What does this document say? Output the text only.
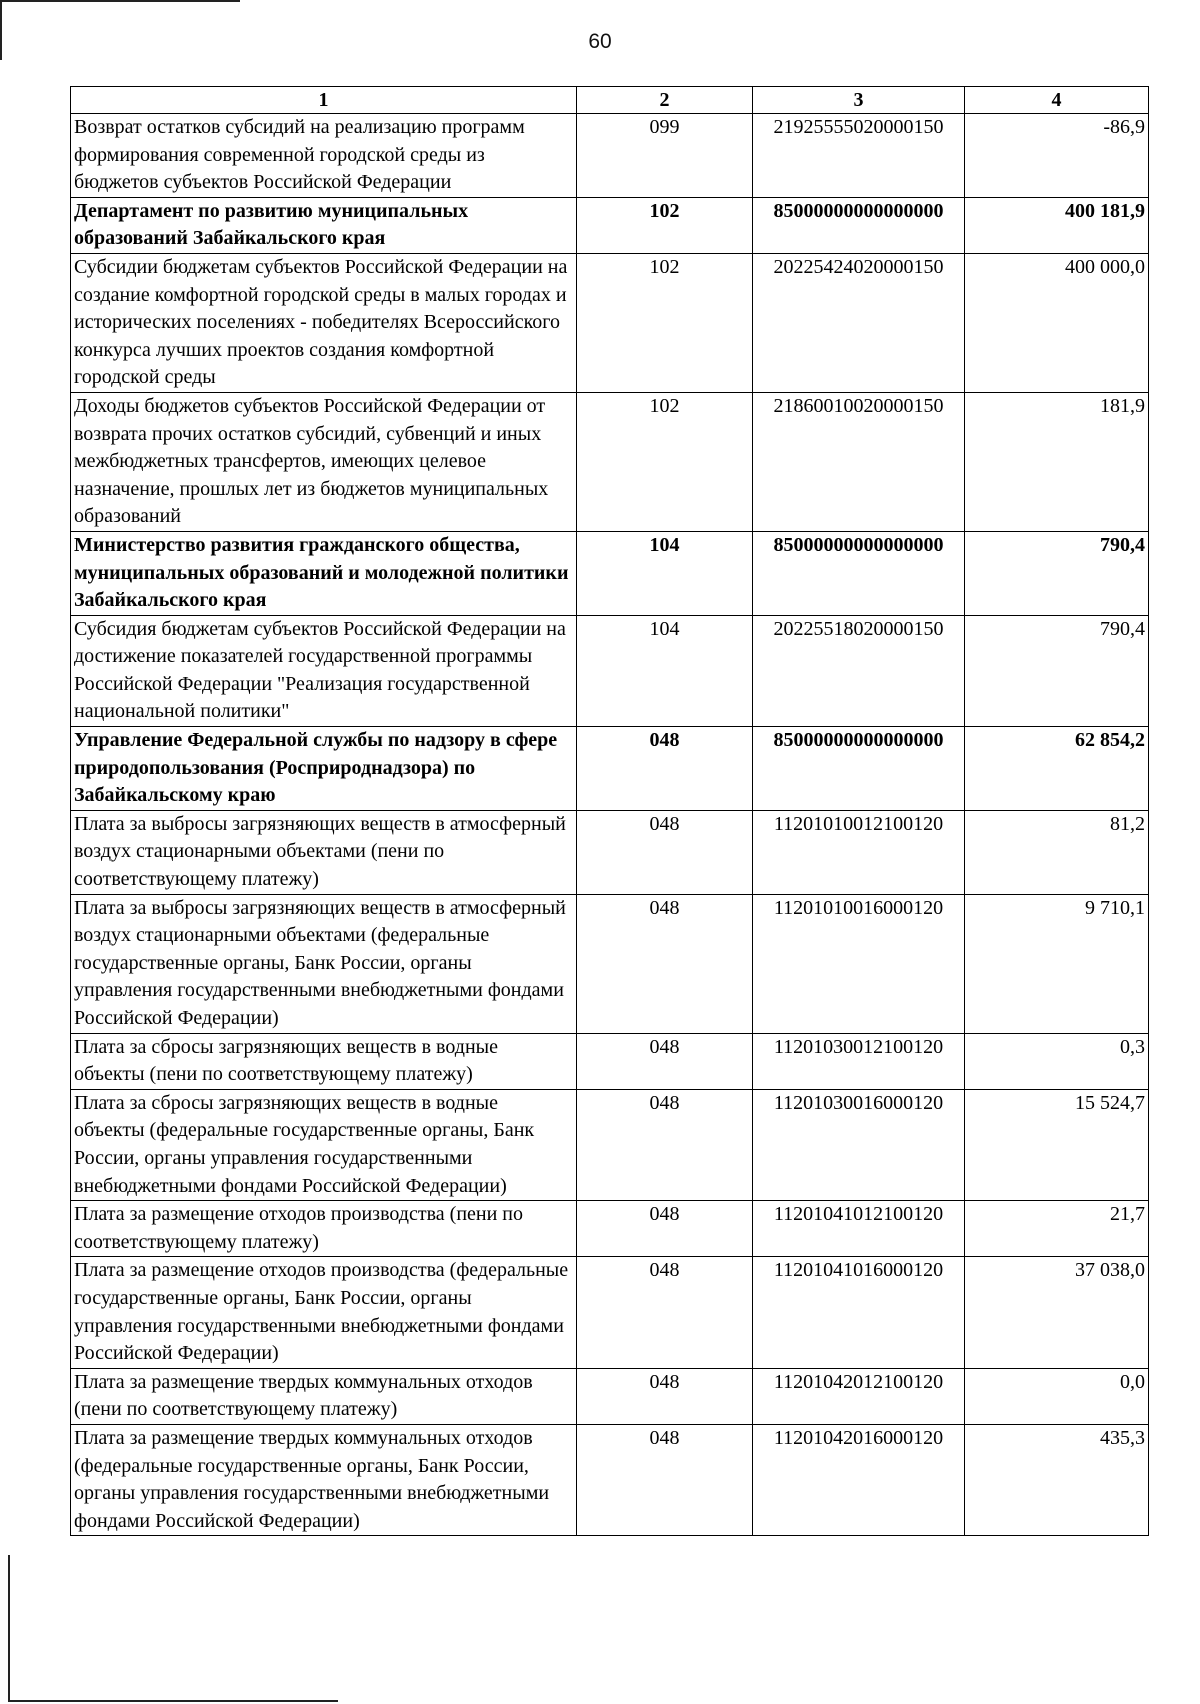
60
1	2	3	4
Возврат остатков субсидий на реализацию программ формирования современной городской среды из бюджетов субъектов Российской Федерации	099	21925555020000150	-86,9
Департамент по развитию муниципальных образований Забайкальского края	102	85000000000000000	400 181,9
Субсидии бюджетам субъектов Российской Федерации на создание комфортной городской среды в малых городах и исторических поселениях - победителях Всероссийского конкурса лучших проектов создания комфортной городской среды	102	20225424020000150	400 000,0
Доходы бюджетов субъектов Российской Федерации от возврата прочих остатков субсидий, субвенций и иных межбюджетных трансфертов, имеющих целевое назначение, прошлых лет из бюджетов муниципальных образований	102	21860010020000150	181,9
Министерство развития гражданского общества, муниципальных образований и молодежной политики Забайкальского края	104	85000000000000000	790,4
Субсидия бюджетам субъектов Российской Федерации на достижение показателей государственной программы Российской Федерации "Реализация государственной национальной политики"	104	20225518020000150	790,4
Управление Федеральной службы по надзору в сфере природопользования (Росприроднадзора) по Забайкальскому краю	048	85000000000000000	62 854,2
Плата за выбросы загрязняющих веществ в атмосферный воздух стационарными объектами (пени по соответствующему платежу)	048	11201010012100120	81,2
Плата за выбросы загрязняющих веществ в атмосферный воздух стационарными объектами (федеральные государственные органы, Банк России, органы управления государственными внебюджетными фондами Российской Федерации)	048	11201010016000120	9 710,1
Плата за сбросы загрязняющих веществ в водные объекты (пени по соответствующему платежу)	048	11201030012100120	0,3
Плата за сбросы загрязняющих веществ в водные объекты (федеральные государственные органы, Банк России, органы управления государственными внебюджетными фондами Российской Федерации)	048	11201030016000120	15 524,7
Плата за размещение отходов производства (пени по соответствующему платежу)	048	11201041012100120	21,7
Плата за размещение отходов производства (федеральные государственные органы, Банк России, органы управления государственными внебюджетными фондами Российской Федерации)	048	11201041016000120	37 038,0
Плата за размещение твердых коммунальных отходов (пени по соответствующему платежу)	048	11201042012100120	0,0
Плата за размещение твердых коммунальных отходов (федеральные государственные органы, Банк России, органы управления государственными внебюджетными фондами Российской Федерации)	048	11201042016000120	435,3
